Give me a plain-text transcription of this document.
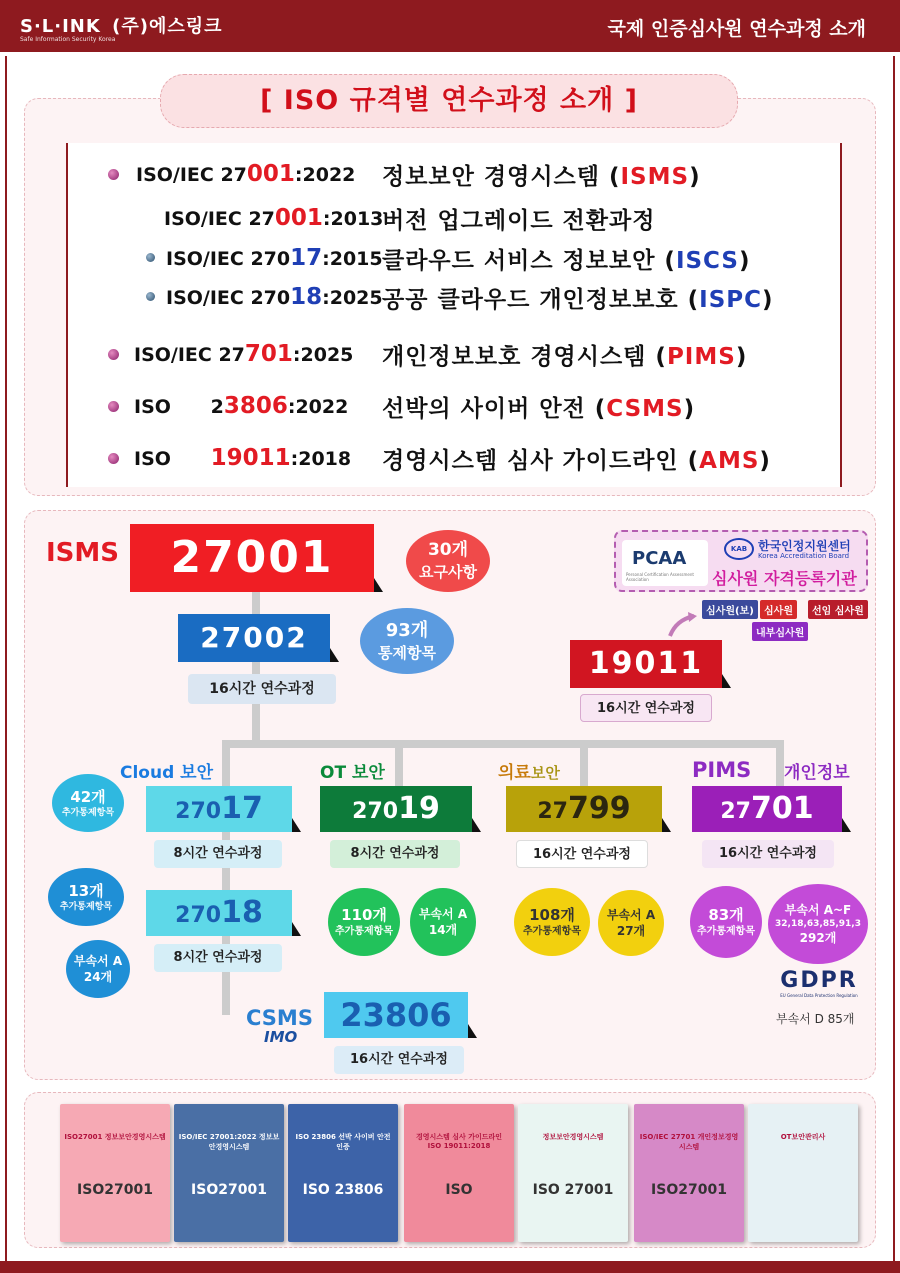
S·L·INK (주)에스링크
Safe Information Security Korea	국제 인증심사원 연수과정 소개
[ ISO 규격별 연수과정 소개 ]
ISO/IEC 27001:2022 정보보안 경영시스템 (ISMS)
ISO/IEC 27001:2013
버전 업그레이드 전환과정
ISO/IEC 27017:2015 클라우드 서비스 정보보안 (ISCS)
ISO/IEC 27018:2025 공공 클라우드 개인정보보호 (ISPC)
ISO/IEC 27701:2025 개인정보보호 경영시스템 (PIMS)
ISO      23806:2022 선박의 사이버 안전 (CSMS)
ISO      19011:2018 경영시스템 심사 가이드라인 (AMS)
ISMS	27001	30개
요구사항
27002	93개
통제항목
16시간 연수과정
PCAA
Personal Certification Assessment Association
KAB 한국인정지원센터
Korea Accreditation Board
심사원 자격등록기관
심사원(보)	심사원	선임 심사원
내부심사원
19011
16시간 연수과정
Cloud 보안	OT 보안	의료보안	PIMS 개인정보
27017
8시간 연수과정
42개
추가통제항목	27019
8시간 연수과정
110개
추가통제항목
부속서 A
14개
27799
16시간 연수과정
108개
추가통제항목
부속서 A
27개
27701
16시간 연수과정
83개
추가통제항목
부속서 A~F
32,18,63,85,91,3
292개
GDPR
EU General Data Protection Regulation
부속서 D 85개
27018
8시간 연수과정
13개
추가통제항목
부속서 A
24개
CSMS
IMO
23806
16시간 연수과정
ISO27001 정보보안경영시스템
ISO27001
ISO/IEC 27001:2022 정보보안경영시스템
ISO27001
ISO 23806 선박 사이버 안전 인증
ISO 23806
경영시스템 심사 가이드라인 ISO 19011:2018
ISO
정보보안경영시스템
ISO 27001
ISO/IEC 27701 개인정보경영시스템
ISO27001
OT보안관리사
